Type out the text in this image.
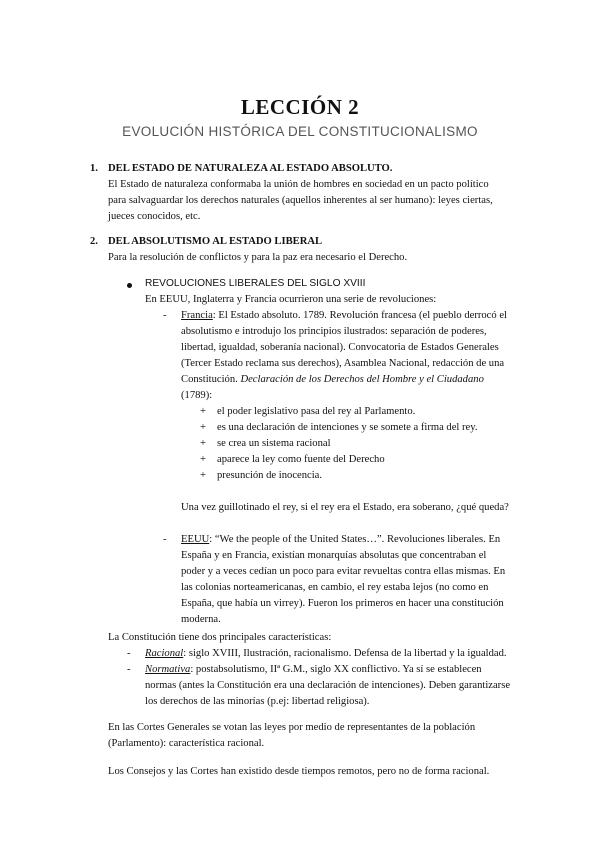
LECCIÓN 2
EVOLUCIÓN HISTÓRICA DEL CONSTITUCIONALISMO
1. DEL ESTADO DE NATURALEZA AL ESTADO ABSOLUTO.
El Estado de naturaleza conformaba la unión de hombres en sociedad en un pacto político
para salvaguardar los derechos naturales (aquellos inherentes al ser humano): leyes ciertas,
jueces conocidos, etc.
2. DEL ABSOLUTISMO AL ESTADO LIBERAL
Para la resolución de conflictos y para la paz era necesario el Derecho.
REVOLUCIONES LIBERALES DEL SIGLO XVIII
En EEUU, Inglaterra y Francia ocurrieron una serie de revoluciones:
- Francia: El Estado absoluto. 1789. Revolución francesa (el pueblo derrocó el
absolutismo e introdujo los principios ilustrados: separación de poderes,
libertad, igualdad, soberanía nacional). Convocatoria de Estados Generales
(Tercer Estado reclama sus derechos), Asamblea Nacional, redacción de una
Constitución. Declaración de los Derechos del Hombre y el Ciudadano
(1789):
+ el poder legislativo pasa del rey al Parlamento.
+ es una declaración de intenciones y se somete a firma del rey.
+ se crea un sistema racional
+ aparece la ley como fuente del Derecho
+ presunción de inocencia.
Una vez guillotinado el rey, si el rey era el Estado, era soberano, ¿qué queda?
- EEUU: “We the people of the United States…”. Revoluciones liberales. En
España y en Francia, existían monarquías absolutas que concentraban el
poder y a veces cedían un poco para evitar revueltas contra ellas mismas. En
las colonias norteamericanas, en cambio, el rey estaba lejos (no como en
España, que había un virrey). Fueron los primeros en hacer una constitución
moderna.
La Constitución tiene dos principales características:
- Racional: siglo XVIII, Ilustración, racionalismo. Defensa de la libertad y la igualdad.
- Normativa: postabsolutismo, IIª G.M., siglo XX conflictivo. Ya sí se establecen
normas (antes la Constitución era una declaración de intenciones). Deben garantizarse
los derechos de las minorías (p.ej: libertad religiosa).
En las Cortes Generales se votan las leyes por medio de representantes de la población
(Parlamento): característica racional.
Los Consejos y las Cortes han existido desde tiempos remotos, pero no de forma racional.
